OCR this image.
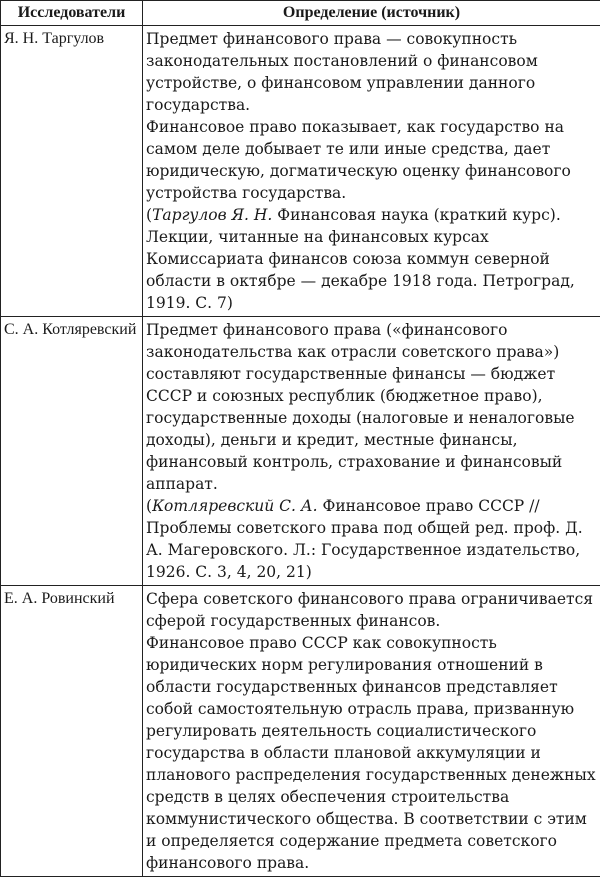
Исследователи	Определение (источник)
Я. Н. Таргулов	Предмет финансового права — совокупность законодательных постановлений о финансовом устройстве, о финансовом управлении данного государства.

Финансовое право показывает, как государство на самом деле добывает те или иные средства, дает юридическую, догматическую оценку финансового устройства государства.

(Таргулов Я. Н. Финансовая наука (краткий курс). Лекции, читанные на финансовых курсах Комиссариата финансов союза коммун северной области в октябре — декабре 1918 года. Петроград, 1919. С. 7)

С. А. Котляревский	Предмет финансового права («финансового законодательства как отрасли советского права») составляют государственные финансы — бюджет СССР и союзных республик (бюджетное право), государственные доходы (налоговые и неналоговые доходы), деньги и кредит, местные финансы, финансовый контроль, страхование и финансовый аппарат.

(Котляревский С. А. Финансовое право СССР // Проблемы советского права под общей ред. проф. Д. А. Магеровского. Л.: Государственное издательство, 1926. С. 3, 4, 20, 21)

Е. А. Ровинский	Сфера советского финансового права ограничивается сферой государственных финансов.

Финансовое право СССР как совокупность юридических норм регулирования отношений в области государственных финансов представляет собой самостоятельную отрасль права, призванную регулировать деятельность социалистического государства в области плановой аккумуляции и планового распределения государственных денежных средств в целях обеспечения строительства коммунистического общества. В соответствии с этим и определяется содержание предмета советского финансового права.
